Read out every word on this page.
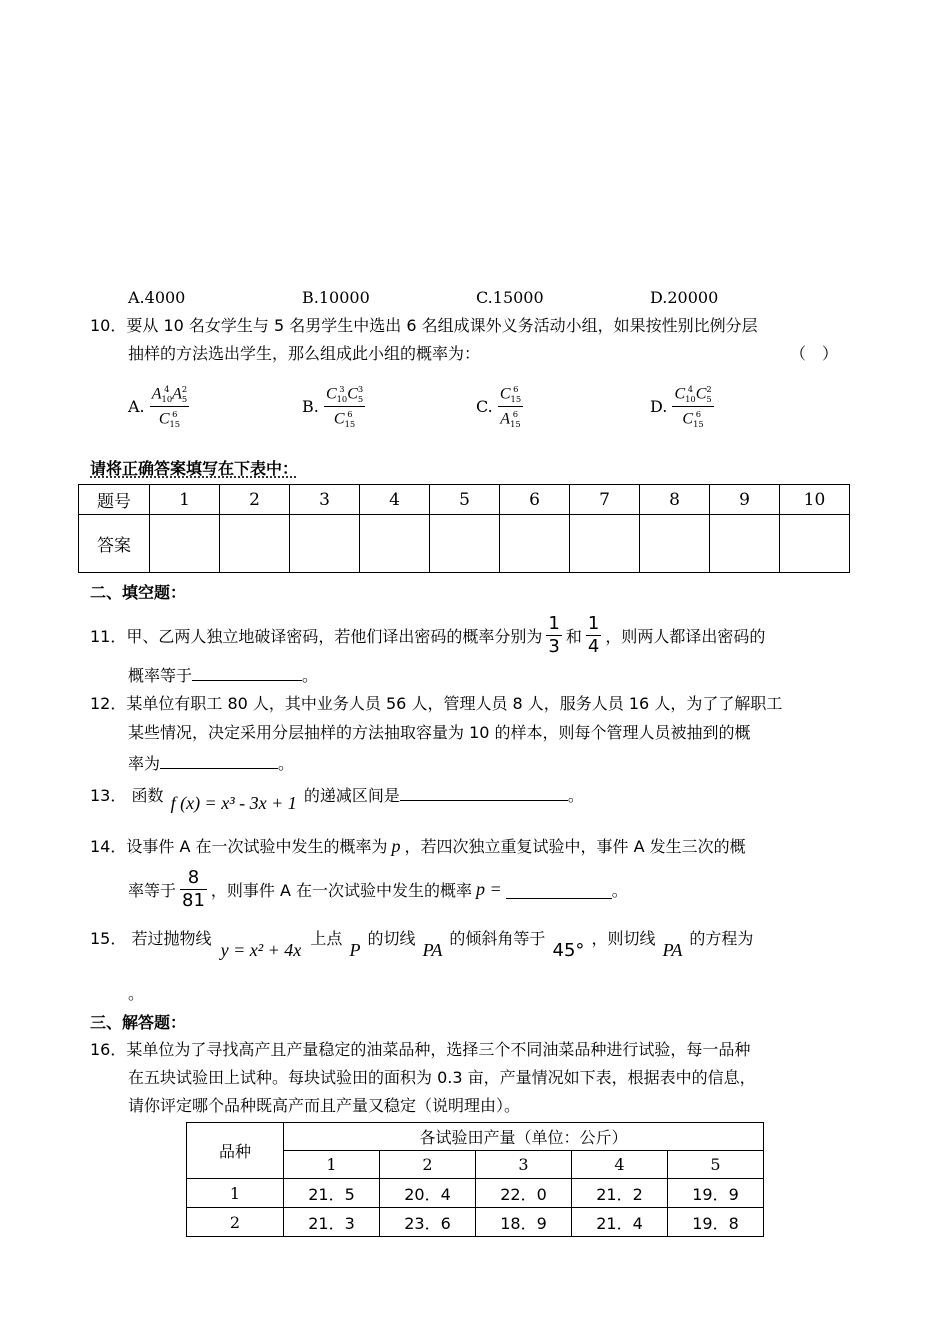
A.4000	B.10000	C.15000	D.20000
10．要从 10 名女学生与 5 名男学生中选出 6 名组成课外义务活动小组，如果按性别比例分层
抽样的方法选出学生，那么组成此小组的概率为：	（　）
A. A 4
10 A 2
5
C 6
15	B. C 3
10 C 3
5
C 6
15	C. C 6
15
A 6
15	D. C 4
10 C 2
5
C 6
15
请将正确答案填写在下表中：
题号	1	2	3	4	5	6	7	8	9	10
答案										
二、填空题：
11． 甲、乙两人独立地破译密码，若他们译出密码的概率分别为 $\frac{1}{3}$ 和 $\frac{1}{4}$ ，则两人都译出密码的
概率等于	。
12．某单位有职工 80 人，其中业务人员 56 人，管理人员 8 人，服务人员 16 人，为了了解职工
某些情况，决定采用分层抽样的方法抽取容量为 10 的样本，则每个管理人员被抽到的概
率为	。
13． 函数 f (x) = x³ - 3x + 1 的递减区间是	。
14．设事件 A 在一次试验中发生的概率为 p ，若四次独立重复试验中，事件 A 发生三次的概
率等于 $\frac{8}{81}$ ，则事件 A 在一次试验中发生的概率 p =	。
15． 若过抛物线 y = x² + 4x 上点 P 的切线 PA 的倾斜角等于 45° ，则切线 PA 的方程为
。
三、解答题：
16．某单位为了寻找高产且产量稳定的油菜品种，选择三个不同油菜品种进行试验，每一品种
在五块试验田上试种。每块试验田的面积为 0.3 亩，产量情况如下表，根据表中的信息，
请你评定哪个品种既高产而且产量又稳定（说明理由）。
品种	各试验田产量（单位：公斤）				
	1	2	3	4	5
1	21．5	20．4	22．0	21．2	19．9
2	21．3	23．6	18．9	21．4	19．8
